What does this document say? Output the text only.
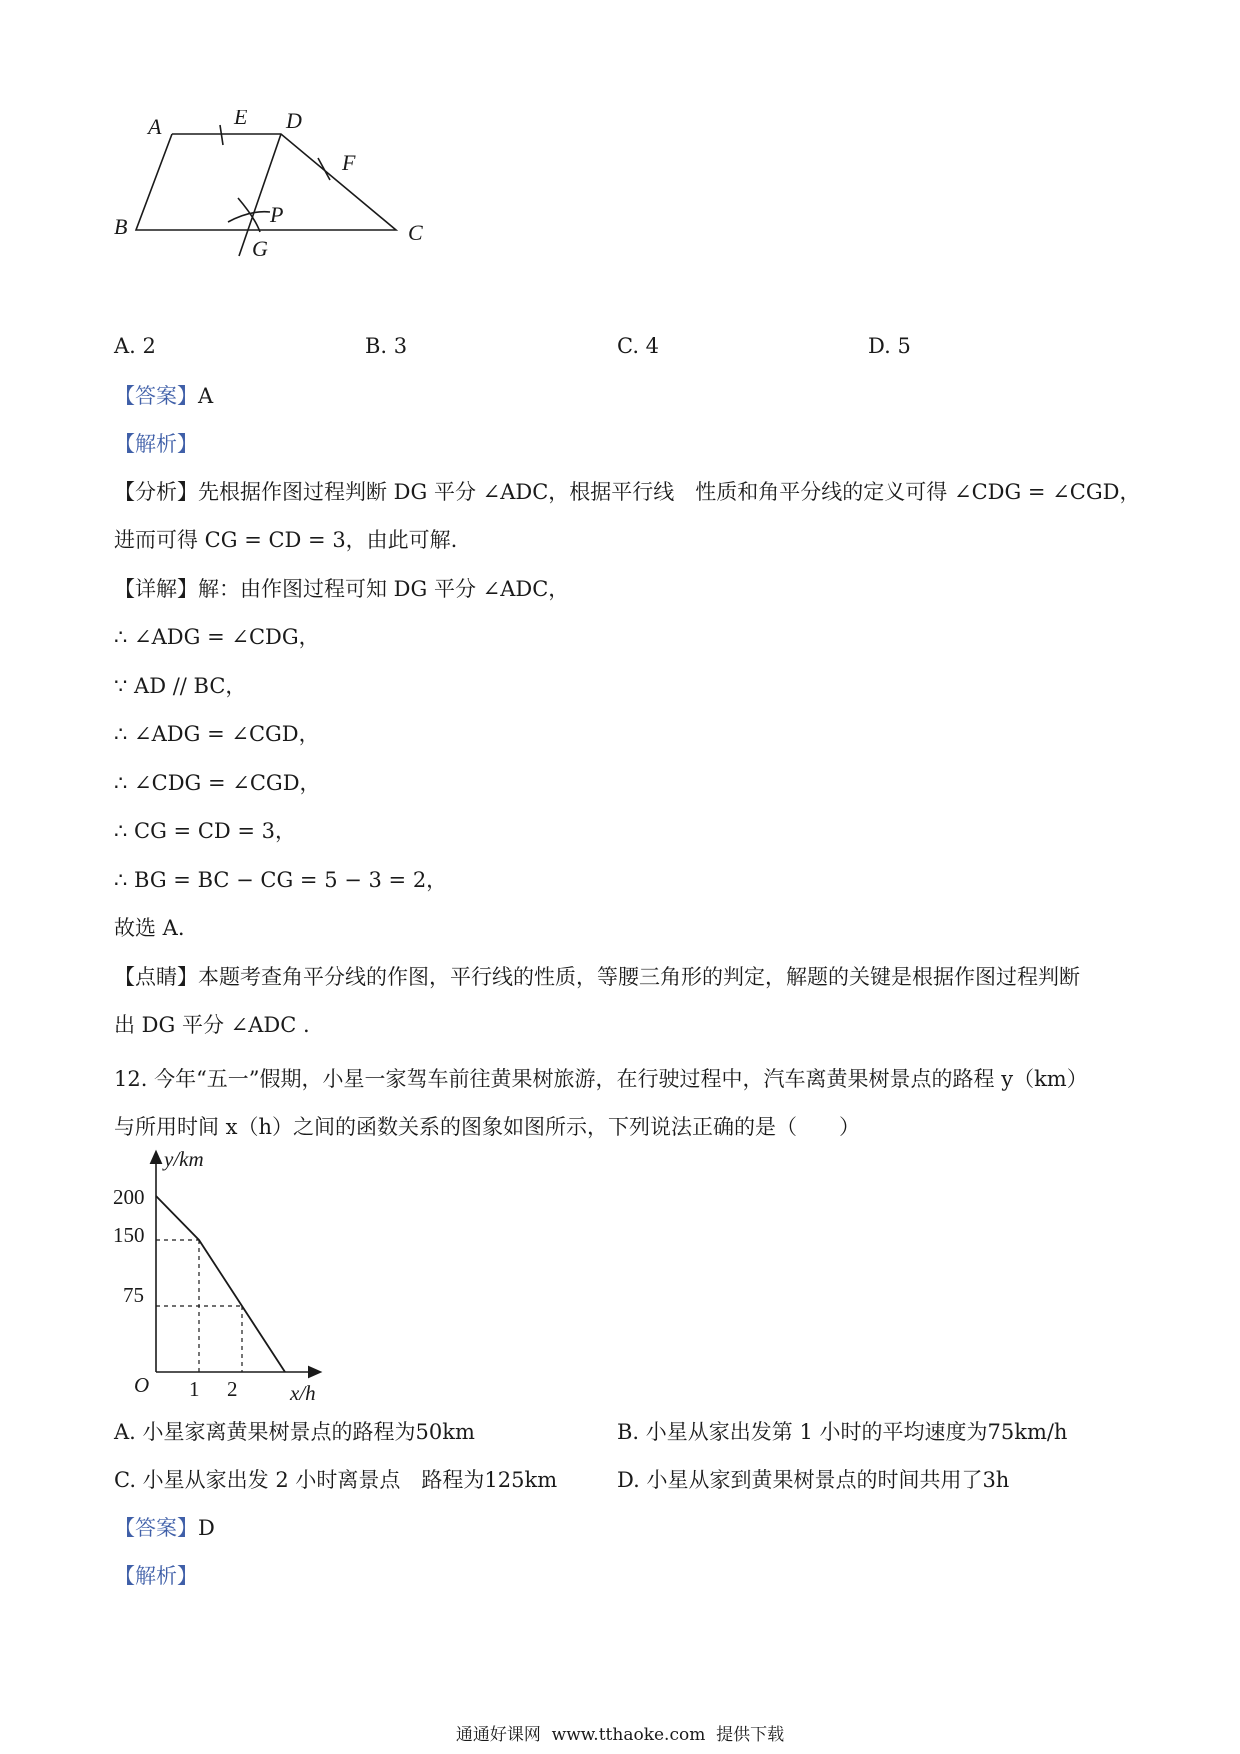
A	E D
F
B	P
G
C
A. 2	B. 3	C. 4	D. 5
【答案】A
【解析】
【分析】先根据作图过程判断 DG 平分 ∠ADC，根据平行线　性质和角平分线的定义可得 ∠CDG = ∠CGD，
进而可得 CG = CD = 3，由此可解.
【详解】解：由作图过程可知 DG 平分 ∠ADC，
∴ ∠ADG = ∠CDG，
∵ AD // BC，
∴ ∠ADG = ∠CGD，
∴ ∠CDG = ∠CGD，
∴ CG = CD = 3，
∴ BG = BC − CG = 5 − 3 = 2，
故选 A.
【点睛】本题考查角平分线的作图，平行线的性质，等腰三角形的判定，解题的关键是根据作图过程判断
出 DG 平分 ∠ADC .
12. 今年“五一”假期，小星一家驾车前往黄果树旅游，在行驶过程中，汽车离黄果树景点的路程 y（km）
与所用时间 x（h）之间的函数关系的图象如图所示，下列说法正确的是（　　）
y/km
x/h
O
200
150
75
1 2
A. 小星家离黄果树景点的路程为50km	B. 小星从家出发第 1 小时的平均速度为75km/h
C. 小星从家出发 2 小时离景点　路程为125km	D. 小星从家到黄果树景点的时间共用了3h
【答案】D
【解析】
通通好课网  www.tthaoke.com  提供下载
